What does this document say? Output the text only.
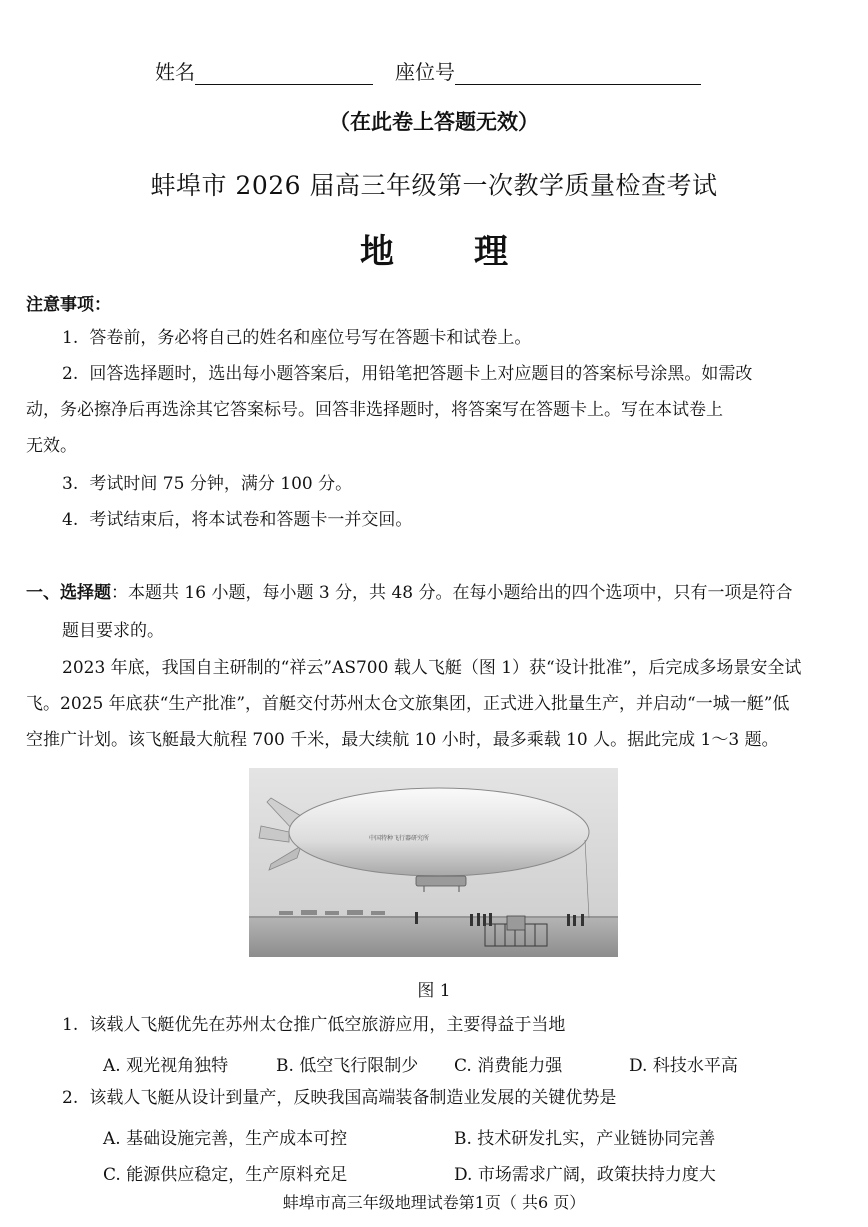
姓名	座位号
（在此卷上答题无效）
蚌埠市 2026 届高三年级第一次教学质量检查考试
地理
注意事项：
1. 答卷前，务必将自己的姓名和座位号写在答题卡和试卷上。
2. 回答选择题时，选出每小题答案后，用铅笔把答题卡上对应题目的答案标号涂黑。如需改
动，务必擦净后再选涂其它答案标号。回答非选择题时，将答案写在答题卡上。写在本试卷上
无效。
3. 考试时间 75 分钟，满分 100 分。
4. 考试结束后，将本试卷和答题卡一并交回。
一、选择题：本题共 16 小题，每小题 3 分，共 48 分。在每小题给出的四个选项中，只有一项是符合
题目要求的。
2023 年底，我国自主研制的“祥云”AS700 载人飞艇（图 1）获“设计批准”，后完成多场景安全试
飞。2025 年底获“生产批准”，首艇交付苏州太仓文旅集团，正式进入批量生产，并启动“一城一艇”低
空推广计划。该飞艇最大航程 700 千米，最大续航 10 小时，最多乘载 10 人。据此完成 1～3 题。
中国特种飞行器研究所
图 1
1. 该载人飞艇优先在苏州太仓推广低空旅游应用，主要得益于当地
A. 观光视角独特	B. 低空飞行限制少 C. 消费能力强	D. 科技水平高
2. 该载人飞艇从设计到量产，反映我国高端装备制造业发展的关键优势是
A. 基础设施完善，生产成本可控	B. 技术研发扎实，产业链协同完善
C. 能源供应稳定，生产原料充足	D. 市场需求广阔，政策扶持力度大
蚌埠市高三年级地理试卷第1页（ 共6 页）
